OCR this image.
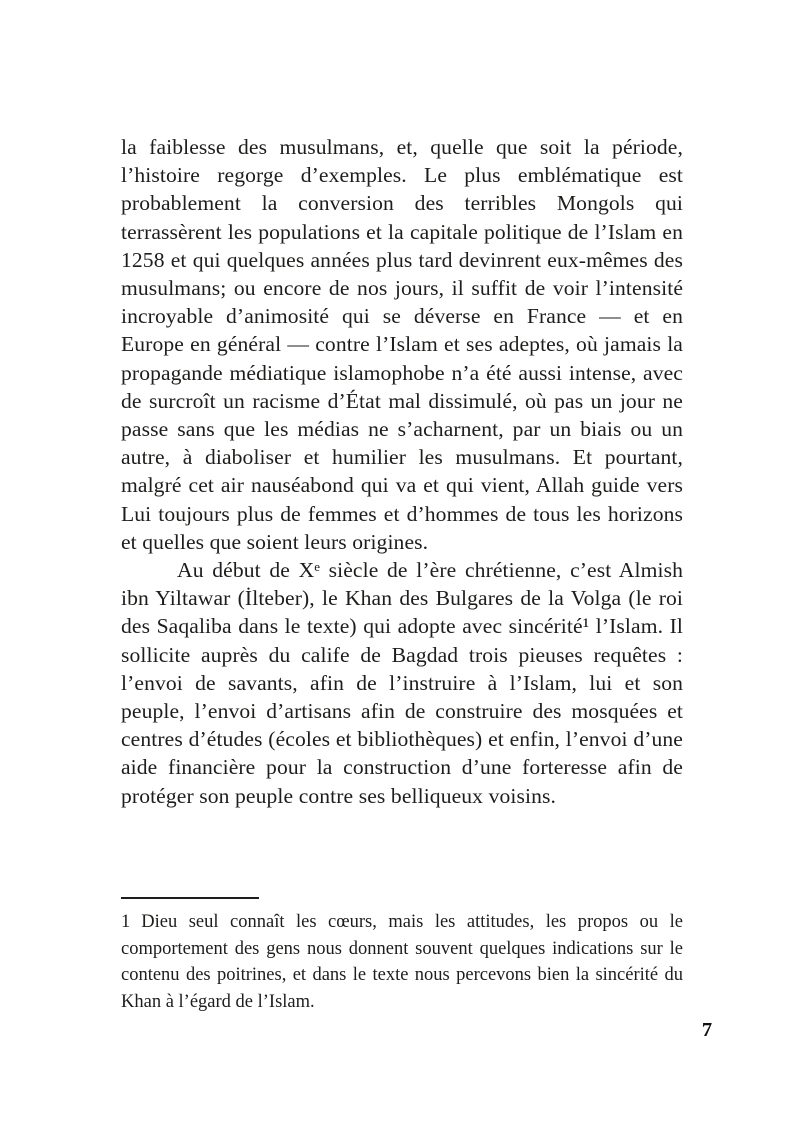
la faiblesse des musulmans, et, quelle que soit la période, l’histoire regorge d’exemples. Le plus emblématique est probablement la conversion des terribles Mongols qui terrassèrent les populations et la capitale politique de l’Islam en 1258 et qui quelques années plus tard devinrent eux-mêmes des musulmans; ou encore de nos jours, il suffit de voir l’intensité incroyable d’animosité qui se déverse en France — et en Europe en général — contre l’Islam et ses adeptes, où jamais la propagande médiatique islamophobe n’a été aussi intense, avec de surcroît un racisme d’État mal dissimulé, où pas un jour ne passe sans que les médias ne s’acharnent, par un biais ou un autre, à diaboliser et humilier les musulmans. Et pourtant, malgré cet air nauséabond qui va et qui vient, Allah guide vers Lui toujours plus de femmes et d’hommes de tous les horizons et quelles que soient leurs origines.

Au début de Xᵉ siècle de l’ère chrétienne, c’est Almish ibn Yiltawar (İlteber), le Khan des Bulgares de la Volga (le roi des Saqaliba dans le texte) qui adopte avec sincérité¹ l’Islam. Il sollicite auprès du calife de Bagdad trois pieuses requêtes : l’envoi de savants, afin de l’instruire à l’Islam, lui et son peuple, l’envoi d’artisans afin de construire des mosquées et centres d’études (écoles et bibliothèques) et enfin, l’envoi d’une aide financière pour la construction d’une forteresse afin de protéger son peuple contre ses belliqueux voisins.

1 Dieu seul connaît les cœurs, mais les attitudes, les propos ou le comportement des gens nous donnent souvent quelques indications sur le contenu des poitrines, et dans le texte nous percevons bien la sincérité du Khan à l’égard de l’Islam.

7
